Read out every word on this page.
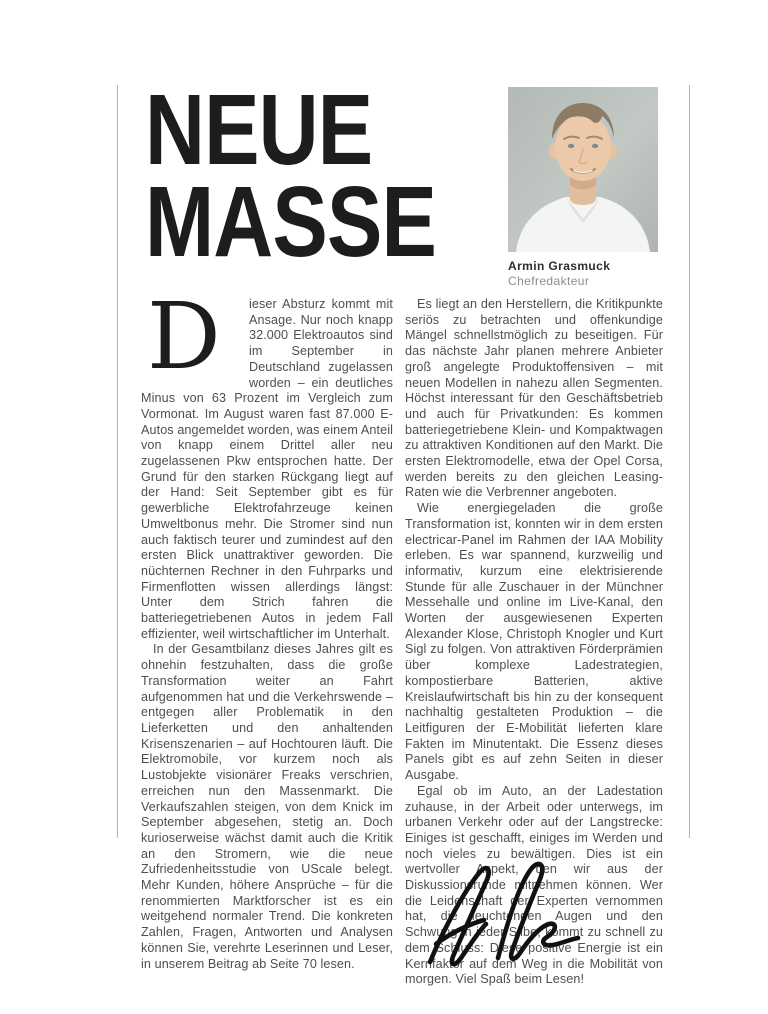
NEUE
MASSE	Armin Grasmuck
Chefredakteur

D ieser Absturz kommt mit Ansage. Nur noch knapp 32.000 Elektroautos sind im September in Deutschland zugelassen worden – ein deutliches Minus von 63 Prozent im Vergleich zum Vormonat. Im August waren fast 87.000 E-Autos angemeldet worden, was einem Anteil von knapp einem Drittel aller neu zugelassenen Pkw entsprochen hatte. Der Grund für den starken Rückgang liegt auf der Hand: Seit September gibt es für gewerbliche Elektrofahrzeuge keinen Umweltbonus mehr. Die Stromer sind nun auch faktisch teurer und zumindest auf den ersten Blick unattraktiver geworden. Die nüchternen Rechner in den Fuhrparks und Firmenflotten wissen allerdings längst: Unter dem Strich fahren die batteriegetriebenen Autos in jedem Fall effizienter, weil wirtschaftlicher im Unterhalt.

In der Gesamtbilanz dieses Jahres gilt es ohnehin festzuhalten, dass die große Transformation weiter an Fahrt aufgenommen hat und die Verkehrswende – entgegen aller Problematik in den Lieferketten und den anhaltenden Krisenszenarien – auf Hochtouren läuft. Die Elektromobile, vor kurzem noch als Lustobjekte visionärer Freaks verschrien, erreichen nun den Massenmarkt. Die Verkaufszahlen steigen, von dem Knick im September abgesehen, stetig an. Doch kurioserweise wächst damit auch die Kritik an den Stromern, wie die neue Zufriedenheitsstudie von UScale belegt. Mehr Kunden, höhere Ansprüche – für die renommierten Marktforscher ist es ein weitgehend normaler Trend. Die konkreten Zahlen, Fragen, Antworten und Analysen können Sie, verehrte Leserinnen und Leser, in unserem Beitrag ab Seite 70 lesen.

Es liegt an den Herstellern, die Kritikpunkte seriös zu betrachten und offenkundige Mängel schnellstmöglich zu beseitigen. Für das nächste Jahr planen mehrere Anbieter groß angelegte Produktoffensiven – mit neuen Modellen in nahezu allen Segmenten. Höchst interessant für den Geschäftsbetrieb und auch für Privatkunden: Es kommen batteriegetriebene Klein- und Kompaktwagen zu attraktiven Konditionen auf den Markt. Die ersten Elektromodelle, etwa der Opel Corsa, werden bereits zu den gleichen Leasing-Raten wie die Verbrenner angeboten.

Wie energiegeladen die große Transformation ist, konnten wir in dem ersten electricar-Panel im Rahmen der IAA Mobility erleben. Es war spannend, kurzweilig und informativ, kurzum eine elektrisierende Stunde für alle Zuschauer in der Münchner Messehalle und online im Live-Kanal, den Worten der ausgewiesenen Experten Alexander Klose, Christoph Knogler und Kurt Sigl zu folgen. Von attraktiven Förderprämien über komplexe Ladestrategien, kompostierbare Batterien, aktive Kreislaufwirtschaft bis hin zu der konsequent nachhaltig gestalteten Produktion – die Leitfiguren der E-Mobilität lieferten klare Fakten im Minutentakt. Die Essenz dieses Panels gibt es auf zehn Seiten in dieser Ausgabe.

Egal ob im Auto, an der Ladestation zuhause, in der Arbeit oder unterwegs, im urbanen Verkehr oder auf der Langstrecke: Einiges ist geschafft, einiges im Werden und noch vieles zu bewältigen. Dies ist ein wertvoller Aspekt, den wir aus der Diskussionsrunde mitnehmen können. Wer die Leidenschaft der Experten vernommen hat, die leuchtenden Augen und den Schwung in jeder Silbe, kommt zu schnell zu dem Schluss: Diese positive Energie ist ein Kernfaktor auf dem Weg in die Mobilität von morgen. Viel Spaß beim Lesen!
